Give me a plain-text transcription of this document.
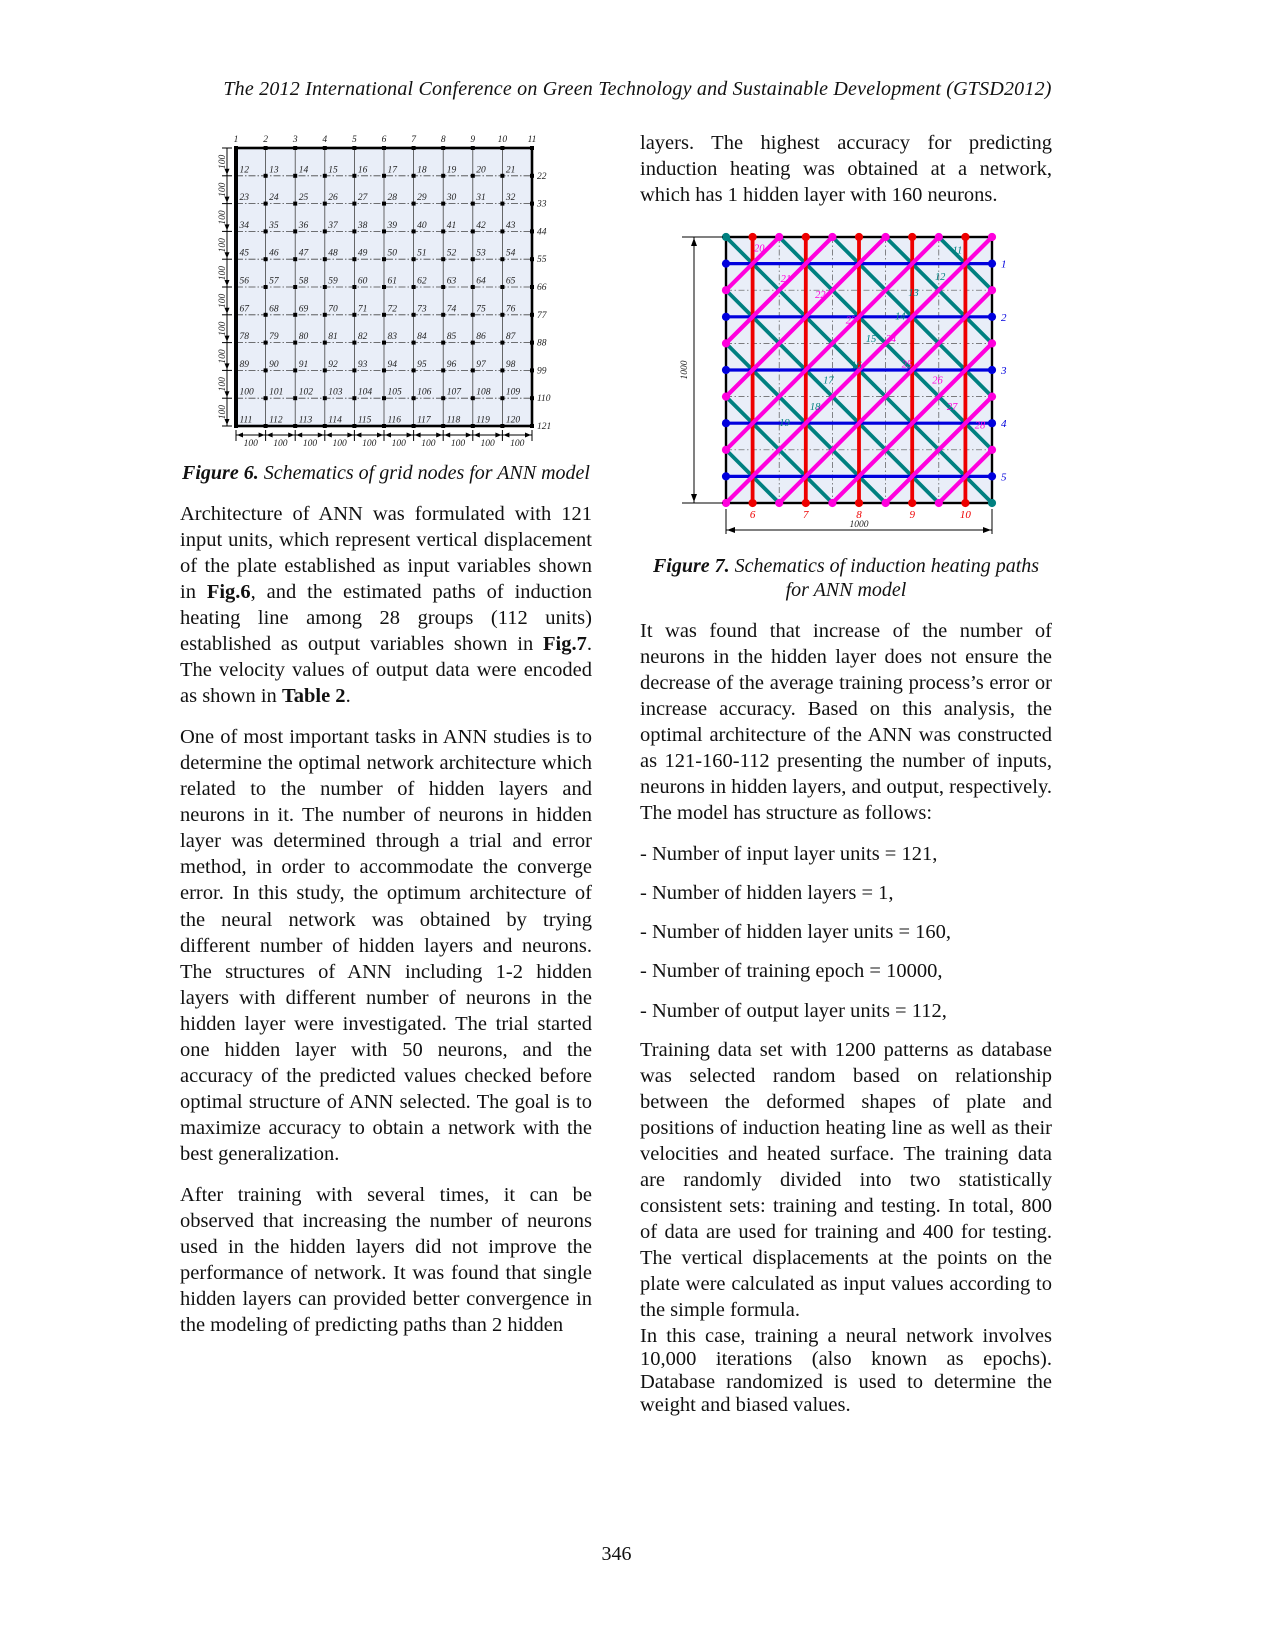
The 2012 International Conference on Green Technology and Sustainable Development (GTSD2012)
1	2	3	4	5	6	7	8	9 10 11
22
33
44
55
66
77
88
99
110
121
12 13 14 15 16 17 18 19 20 21
23 24 25 26 27 28 29 30 31 32
34 35 36 37 38 39 40 41 42 43
45 46 47 48 49 50 51 52 53 54
56 57 58 59 60 61 62 63 64 65
67 68 69 70 71 72 73 74 75 76
78 79 80 81 82 83 84 85 86 87
89 90 91 92 93 94 95 96 97 98
100 101 102 103 104 105 106 107 108 109
111 112 113 114 115 116 117 118 119 120
100
100
100
100
100
100
100
100
100
100
100 100 100 100 100 100 100 100 100 100
Figure 6. Schematics of grid nodes for ANN model

Architecture of ANN was formulated with 121 input units, which represent vertical displacement of the plate established as input variables shown in Fig.6, and the estimated paths of induction heating line among 28 groups (112 units) established as output variables shown in Fig.7. The velocity values of output data were encoded as shown in Table 2.

One of most important tasks in ANN studies is to determine the optimal network architecture which related to the number of hidden layers and neurons in it. The number of neurons in hidden layer was determined through a trial and error method, in order to accommodate the converge error. In this study, the optimum architecture of the neural network was obtained by trying different number of hidden layers and neurons. The structures of ANN including 1-2 hidden layers with different number of neurons in the hidden layer were investigated. The trial started one hidden layer with 50 neurons, and the accuracy of the predicted values checked before optimal structure of ANN selected. The goal is to maximize accuracy to obtain a network with the best generalization.

After training with several times, it can be observed that increasing the number of neurons used in the hidden layers did not improve the performance of network. It was found that single hidden layers can provided better convergence in the modeling of predicting paths than 2 hidden

layers. The highest accuracy for predicting induction heating was obtained at a network, which has 1 hidden layer with 160 neurons.

1
2
3
4
5
6	7	8	9	10
11
12
13
14
15
16
17
18
19
20
21
22
23
24
25
26
27
28
1000
1000
Figure 7. Schematics of induction heating paths for ANN model

It was found that increase of the number of neurons in the hidden layer does not ensure the decrease of the average training process’s error or increase accuracy. Based on this analysis, the optimal architecture of the ANN was constructed as 121-160-112 presenting the number of inputs, neurons in hidden layers, and output, respectively. The model has structure as follows:

- Number of input layer units = 121,

- Number of hidden layers = 1,

- Number of hidden layer units = 160,

- Number of training epoch = 10000,

- Number of output layer units = 112,

Training data set with 1200 patterns as database was selected random based on relationship between the deformed shapes of plate and positions of induction heating line as well as their velocities and heated surface. The training data are randomly divided into two statistically consistent sets: training and testing. In total, 800 of data are used for training and 400 for testing. The vertical displacements at the points on the plate were calculated as input values according to the simple formula.

In this case, training a neural network involves 10,000 iterations (also known as epochs). Database randomized is used to determine the weight and biased values.

346
